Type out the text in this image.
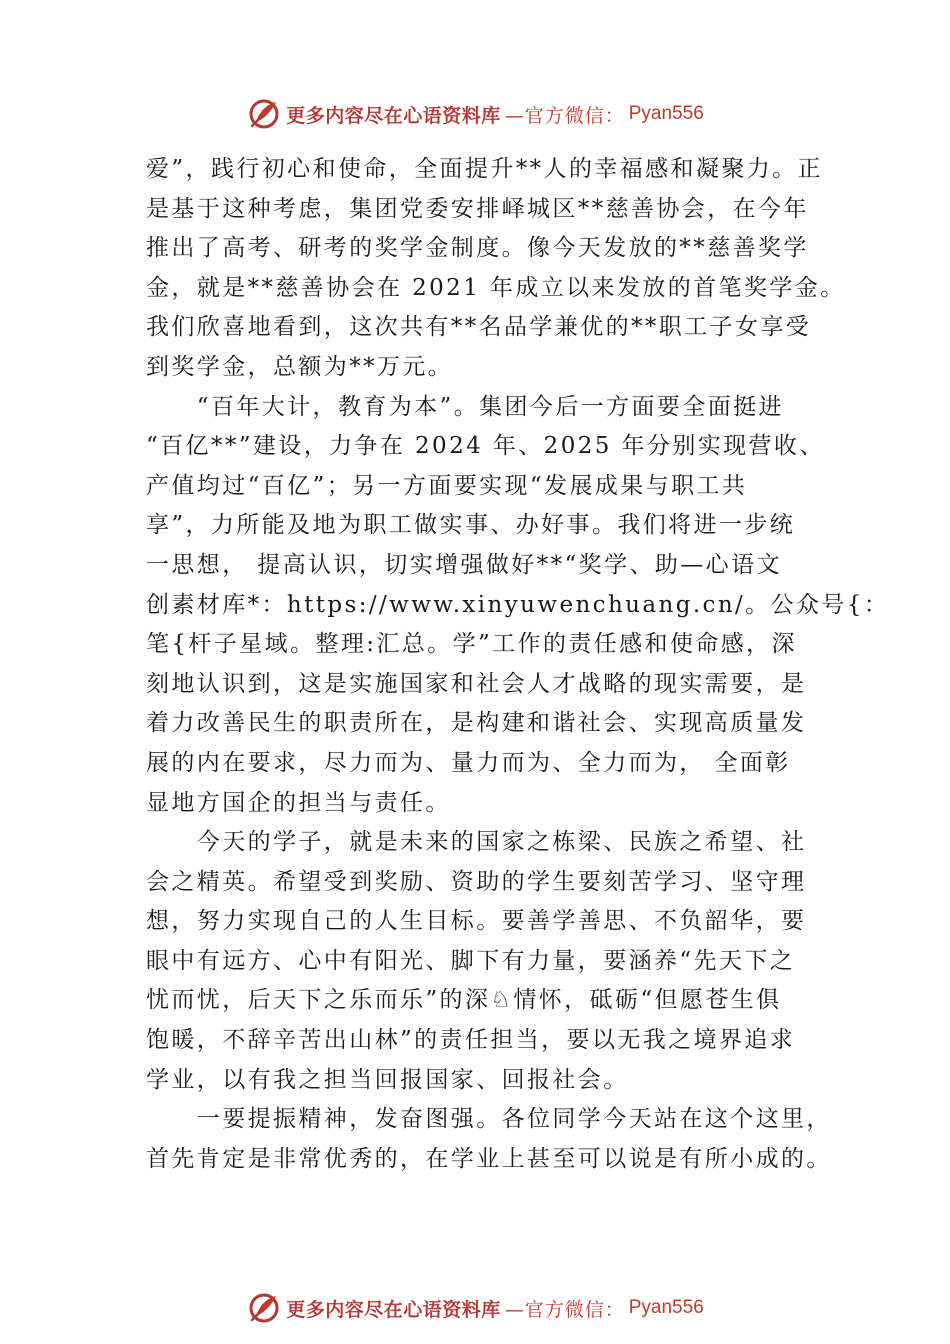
更多内容尽在心语资料库 —官方微信： Pyan556
爱”，践行初心和使命，全面提升**人的幸福感和凝聚力。正
是基于这种考虑，集团党委安排峄城区**慈善协会，在今年
推出了高考、研考的奖学金制度。像今天发放的**慈善奖学
金，就是**慈善协会在 2021 年成立以来发放的首笔奖学金。
我们欣喜地看到，这次共有**名品学兼优的**职工子女享受
到奖学金，总额为**万元。
　　“百年大计，教育为本”。集团今后一方面要全面挺进
“百亿**”建设，力争在 2024 年、2025 年分别实现营收、
产值均过“百亿”；另一方面要实现“发展成果与职工共
享”，力所能及地为职工做实事、办好事。我们将进一步统
一思想， 提高认识，切实增强做好**“奖学、助—心语文
创素材库*：https://www.xinyuwenchuang.cn/。公众号{：
笔{杆子星域。整理:汇总。学”工作的责任感和使命感，深
刻地认识到，这是实施国家和社会人才战略的现实需要，是
着力改善民生的职责所在，是构建和谐社会、实现高质量发
展的内在要求，尽力而为、量力而为、全力而为， 全面彰
显地方国企的担当与责任。
　　今天的学子，就是未来的国家之栋梁、民族之希望、社
会之精英。希望受到奖励、资助的学生要刻苦学习、坚守理
想，努力实现自己的人生目标。要善学善思、不负韶华，要
眼中有远方、心中有阳光、脚下有力量，要涵养“先天下之
忧而忧，后天下之乐而乐”的深♘情怀，砥砺“但愿苍生俱
饱暖，不辞辛苦出山林”的责任担当，要以无我之境界追求
学业，以有我之担当回报国家、回报社会。
　　一要提振精神，发奋图强。各位同学今天站在这个这里，
首先肯定是非常优秀的，在学业上甚至可以说是有所小成的。
更多内容尽在心语资料库 —官方微信： Pyan556
